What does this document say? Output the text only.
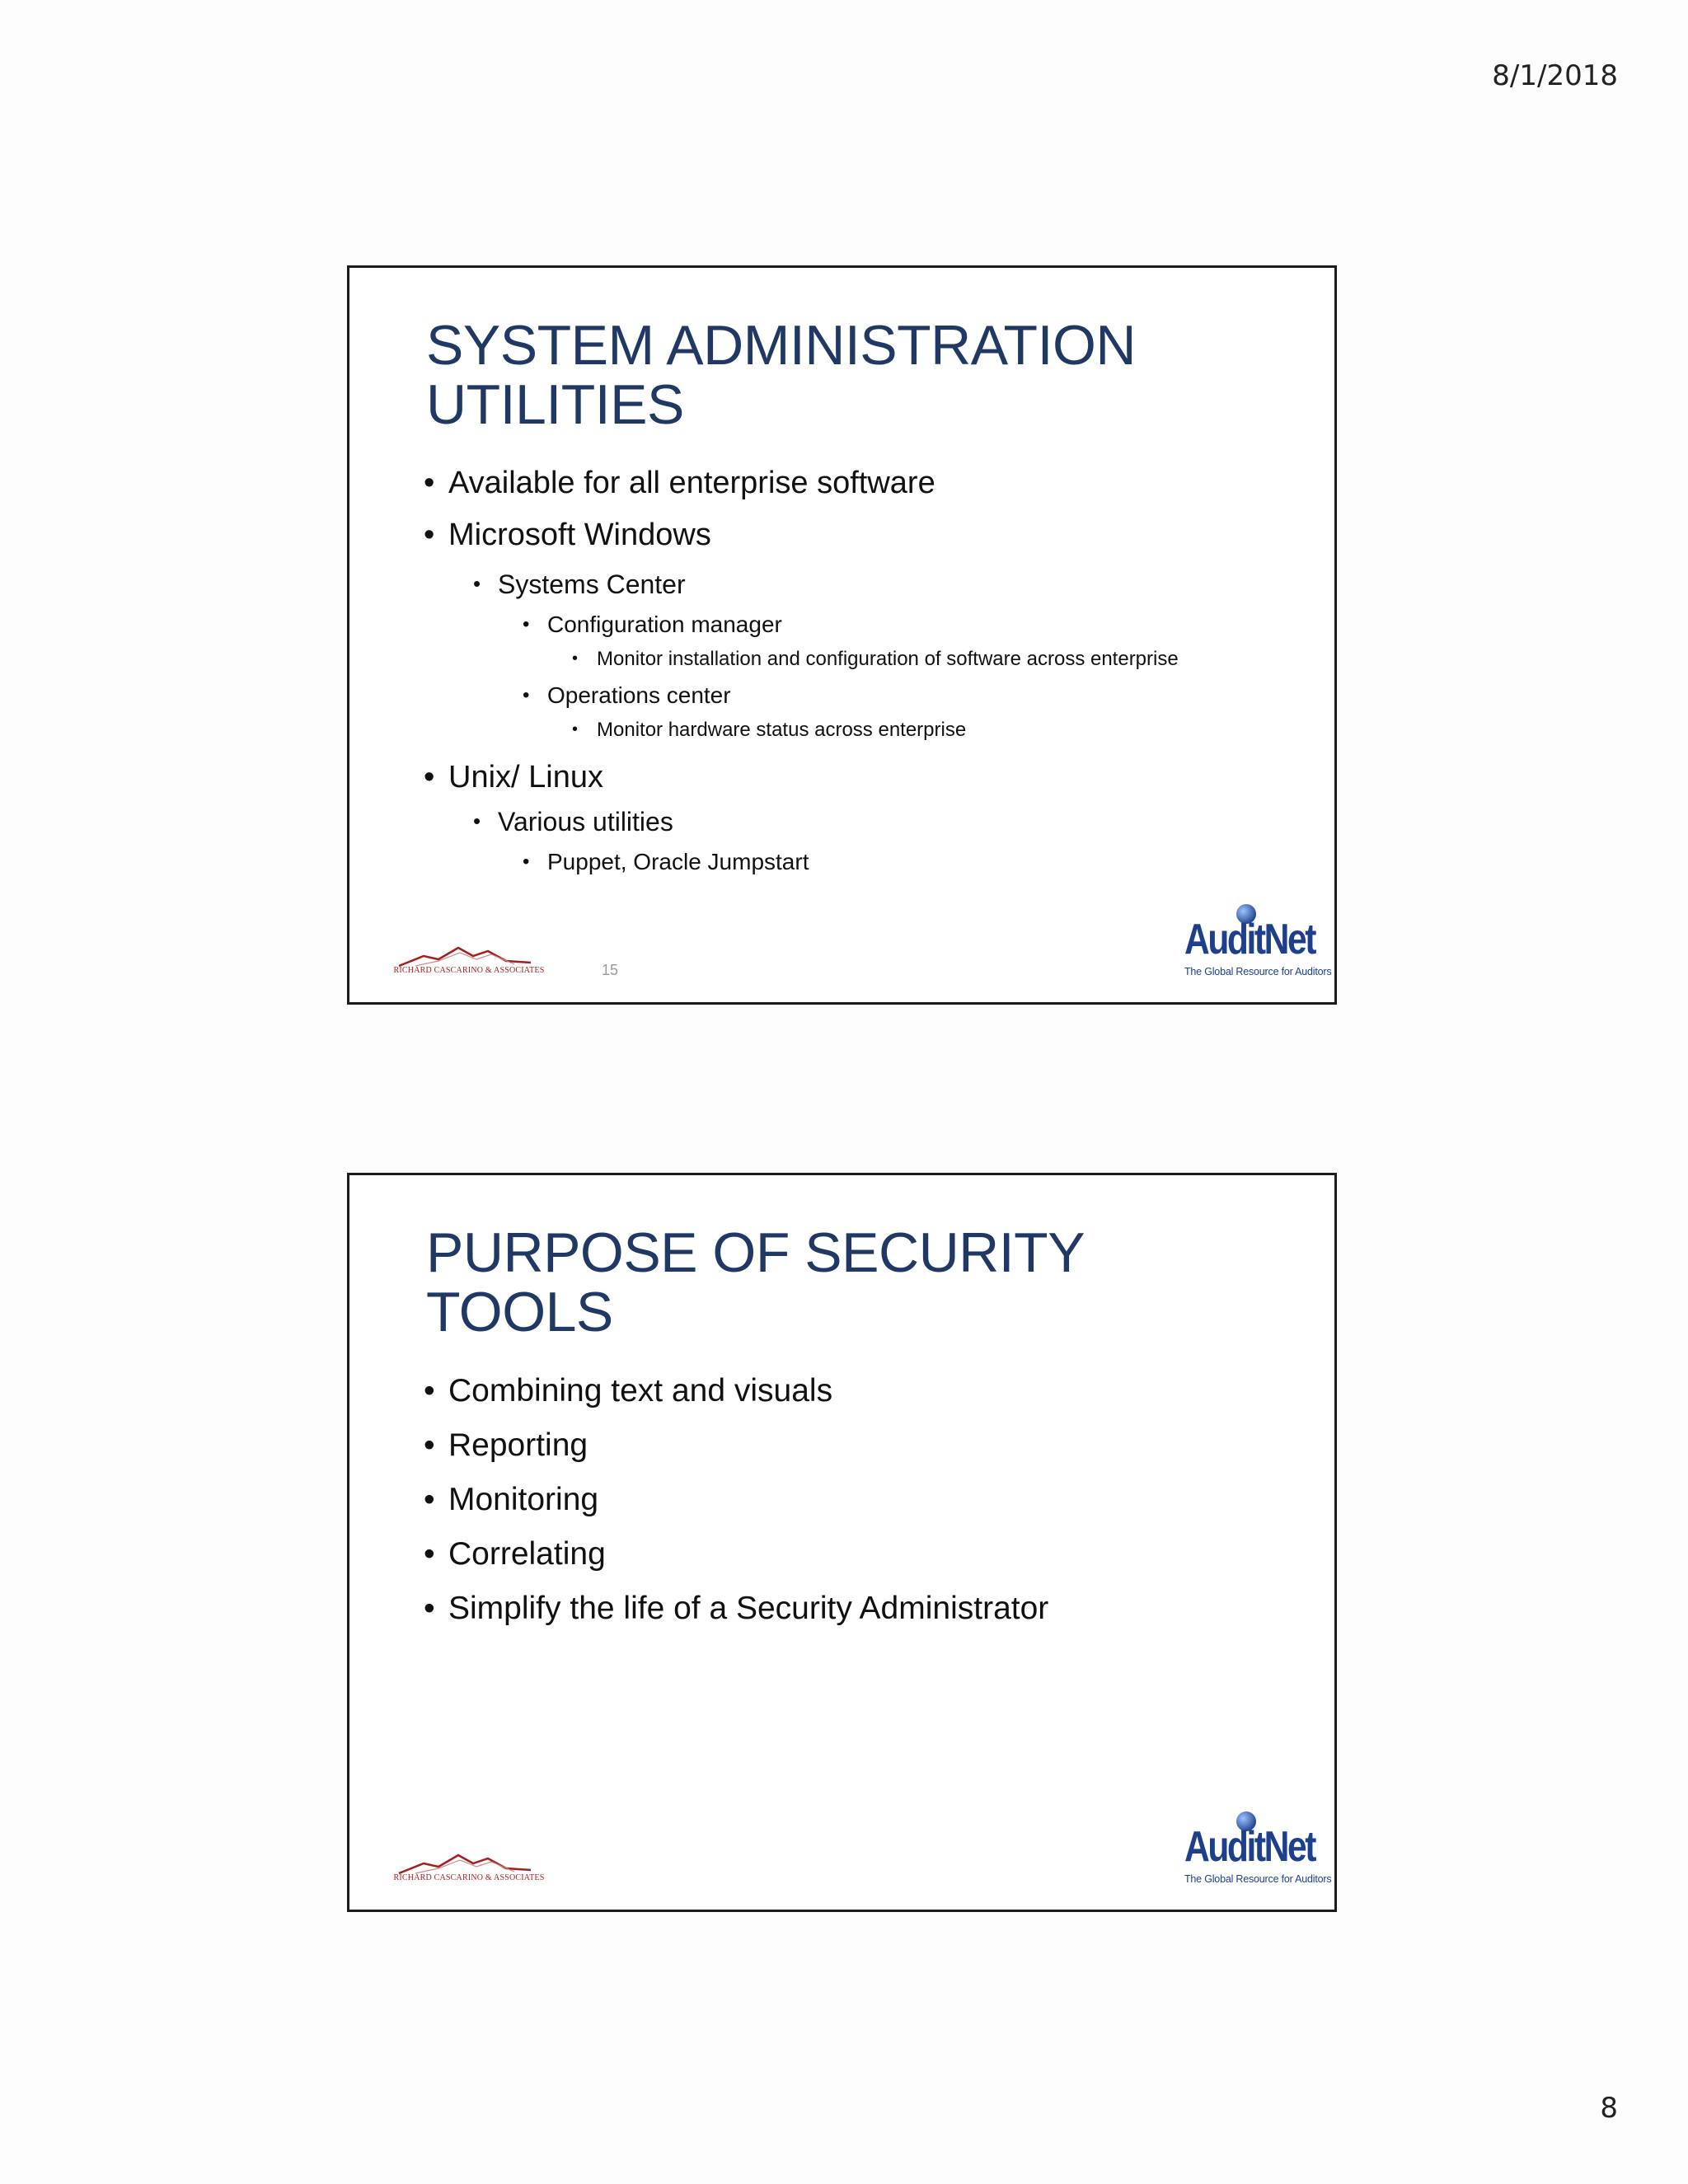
8/1/2018
SYSTEM ADMINISTRATION UTILITIES
• Available for all enterprise software
• Microsoft Windows
• Systems Center
• Configuration manager
• Monitor installation and configuration of software across enterprise
• Operations center
• Monitor hardware status across enterprise
• Unix/ Linux
• Various utilities
• Puppet, Oracle Jumpstart
RICHARD CASCARINO & ASSOCIATES	15
AuditNet
The Global Resource for Auditors
PURPOSE OF SECURITY TOOLS
• Combining text and visuals
• Reporting
• Monitoring
• Correlating
• Simplify the life of a Security Administrator
RICHARD CASCARINO & ASSOCIATES
AuditNet
The Global Resource for Auditors
8
